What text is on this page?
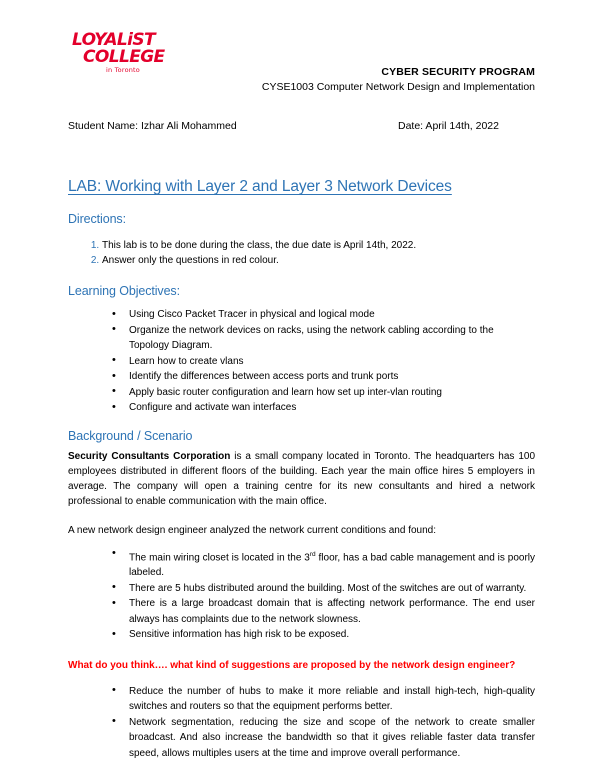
LOYALiST
COLLEGE
in Toronto	CYBER SECURITY PROGRAM
CYSE1003 Computer Network Design and Implementation
Student Name: Izhar Ali Mohammed	Date: April 14th, 2022
LAB: Working with Layer 2 and Layer 3 Network Devices
Directions:
1. This lab is to be done during the class, the due date is April 14th, 2022.
2. Answer only the questions in red colour.
Learning Objectives:
• Using Cisco Packet Tracer in physical and logical mode
• Organize the network devices on racks, using the network cabling according to the Topology Diagram.
• Learn how to create vlans
• Identify the differences between access ports and trunk ports
• Apply basic router configuration and learn how set up inter-vlan routing
• Configure and activate wan interfaces
Background / Scenario

Security Consultants Corporation is a small company located in Toronto. The headquarters has 100 employees distributed in different floors of the building. Each year the main office hires 5 employers in average. The company will open a training centre for its new consultants and hired a network professional to enable communication with the main office.

A new network design engineer analyzed the network current conditions and found:

• The main wiring closet is located in the 3rd floor, has a bad cable management and is poorly labeled.
• There are 5 hubs distributed around the building. Most of the switches are out of warranty.
• There is a large broadcast domain that is affecting network performance. The end user always has complaints due to the network slowness.
• Sensitive information has high risk to be exposed.
What do you think…. what kind of suggestions are proposed by the network design engineer?
• Reduce the number of hubs to make it more reliable and install high-tech, high-quality switches and routers so that the equipment performs better.
• Network segmentation, reducing the size and scope of the network to create smaller broadcast. And also increase the bandwidth so that it gives reliable faster data transfer speed, allows multiples users at the time and improve overall performance.
